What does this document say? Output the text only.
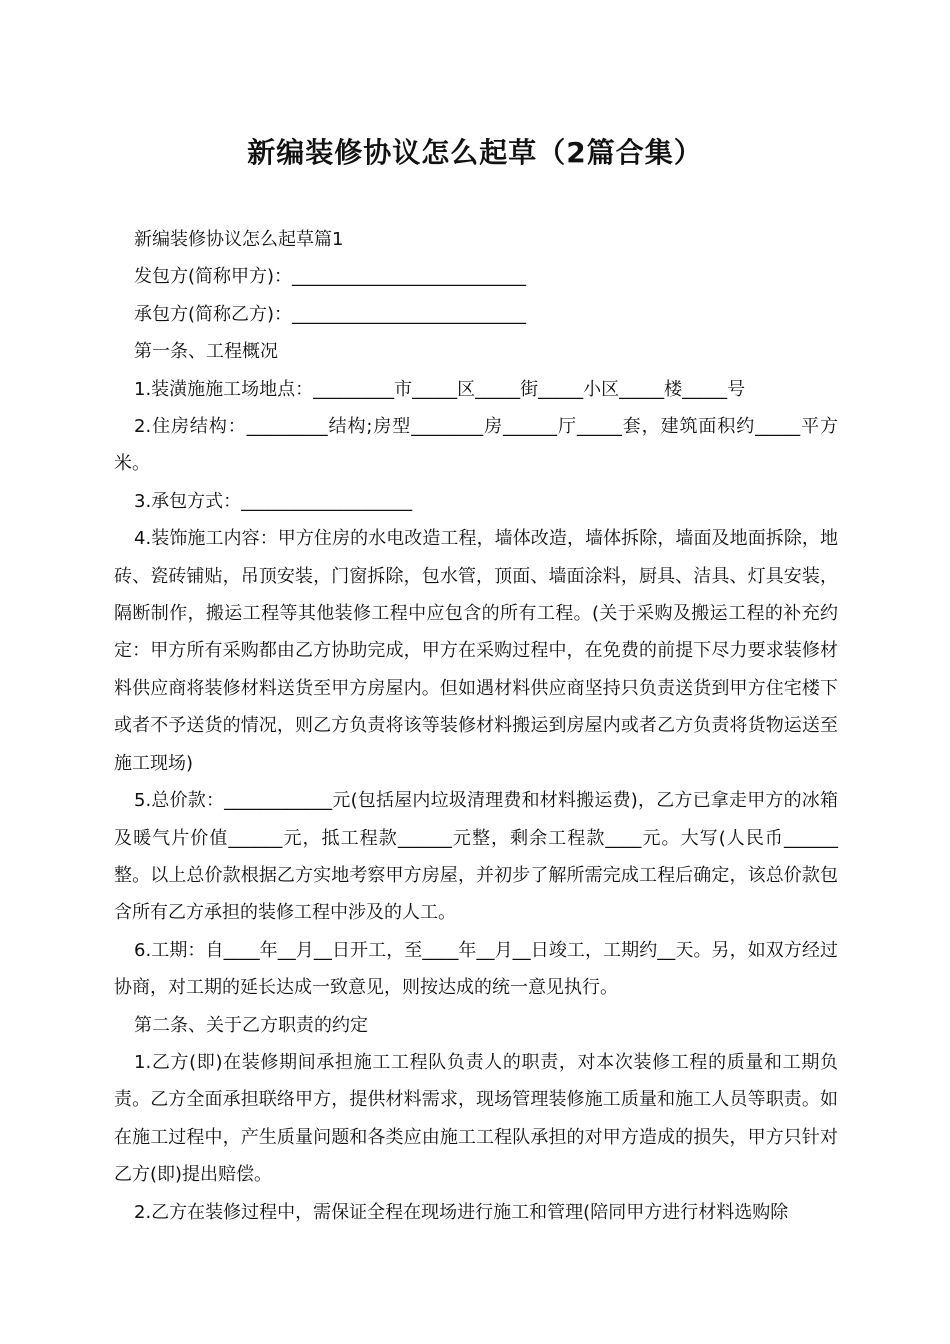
新编装修协议怎么起草（2篇合集）

新编装修协议怎么起草篇1

发包方(简称甲方)：__________________________

承包方(简称乙方)：__________________________

第一条、工程概况

1.装潢施施工场地点：_________市_____区_____街_____小区_____楼_____号

2.住房结构：_________结构;房型________房______厅_____套，建筑面积约_____平方米。

3.承包方式：___________________

4.装饰施工内容：甲方住房的水电改造工程，墙体改造，墙体拆除，墙面及地面拆除，地砖、瓷砖铺贴，吊顶安装，门窗拆除，包水管，顶面、墙面涂料，厨具、洁具、灯具安装，隔断制作，搬运工程等其他装修工程中应包含的所有工程。(关于采购及搬运工程的补充约定：甲方所有采购都由乙方协助完成，甲方在采购过程中，在免费的前提下尽力要求装修材料供应商将装修材料送货至甲方房屋内。但如遇材料供应商坚持只负责送货到甲方住宅楼下或者不予送货的情况，则乙方负责将该等装修材料搬运到房屋内或者乙方负责将货物运送至施工现场)

5.总价款：____________元(包括屋内垃圾清理费和材料搬运费)，乙方已拿走甲方的冰箱及暖气片价值______元，抵工程款______元整，剩余工程款____元。大写(人民币______整。以上总价款根据乙方实地考察甲方房屋，并初步了解所需完成工程后确定，该总价款包含所有乙方承担的装修工程中涉及的人工。

6.工期：自____年__月__日开工，至____年__月__日竣工，工期约__天。另，如双方经过协商，对工期的延长达成一致意见，则按达成的统一意见执行。

第二条、关于乙方职责的约定

1.乙方(即)在装修期间承担施工工程队负责人的职责，对本次装修工程的质量和工期负责。乙方全面承担联络甲方，提供材料需求，现场管理装修施工质量和施工人员等职责。如在施工过程中，产生质量问题和各类应由施工工程队承担的对甲方造成的损失，甲方只针对乙方(即)提出赔偿。

2.乙方在装修过程中，需保证全程在现场进行施工和管理(陪同甲方进行材料选购除
